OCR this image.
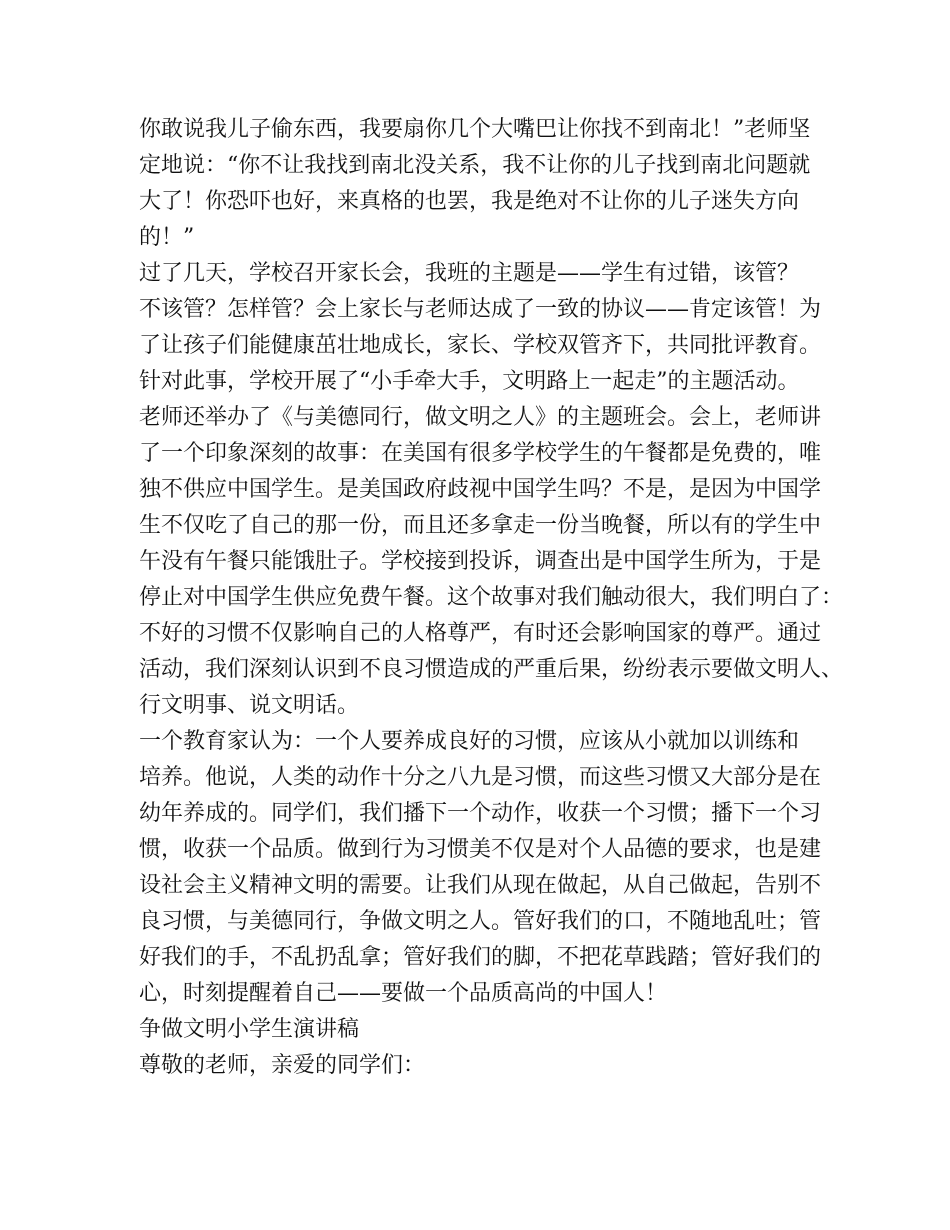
你敢说我儿子偷东西，我要扇你几个大嘴巴让你找不到南北！”老师坚

定地说：“你不让我找到南北没关系，我不让你的儿子找到南北问题就

大了！你恐吓也好，来真格的也罢，我是绝对不让你的儿子迷失方向

的！”

过了几天，学校召开家长会，我班的主题是——学生有过错，该管？

不该管？怎样管？会上家长与老师达成了一致的协议——肯定该管！为

了让孩子们能健康茁壮地成长，家长、学校双管齐下，共同批评教育。

针对此事，学校开展了“小手牵大手，文明路上一起走”的主题活动。

老师还举办了《与美德同行，做文明之人》的主题班会。会上，老师讲

了一个印象深刻的故事：在美国有很多学校学生的午餐都是免费的，唯

独不供应中国学生。是美国政府歧视中国学生吗？不是，是因为中国学

生不仅吃了自己的那一份，而且还多拿走一份当晚餐，所以有的学生中

午没有午餐只能饿肚子。学校接到投诉，调查出是中国学生所为，于是

停止对中国学生供应免费午餐。这个故事对我们触动很大，我们明白了：

不好的习惯不仅影响自己的人格尊严，有时还会影响国家的尊严。通过

活动，我们深刻认识到不良习惯造成的严重后果，纷纷表示要做文明人、

行文明事、说文明话。

一个教育家认为：一个人要养成良好的习惯，应该从小就加以训练和

培养。他说，人类的动作十分之八九是习惯，而这些习惯又大部分是在

幼年养成的。同学们，我们播下一个动作，收获一个习惯；播下一个习

惯，收获一个品质。做到行为习惯美不仅是对个人品德的要求，也是建

设社会主义精神文明的需要。让我们从现在做起，从自己做起，告别不

良习惯，与美德同行，争做文明之人。管好我们的口，不随地乱吐；管

好我们的手，不乱扔乱拿；管好我们的脚，不把花草践踏；管好我们的

心，时刻提醒着自己——要做一个品质高尚的中国人！

争做文明小学生演讲稿

尊敬的老师，亲爱的同学们：
